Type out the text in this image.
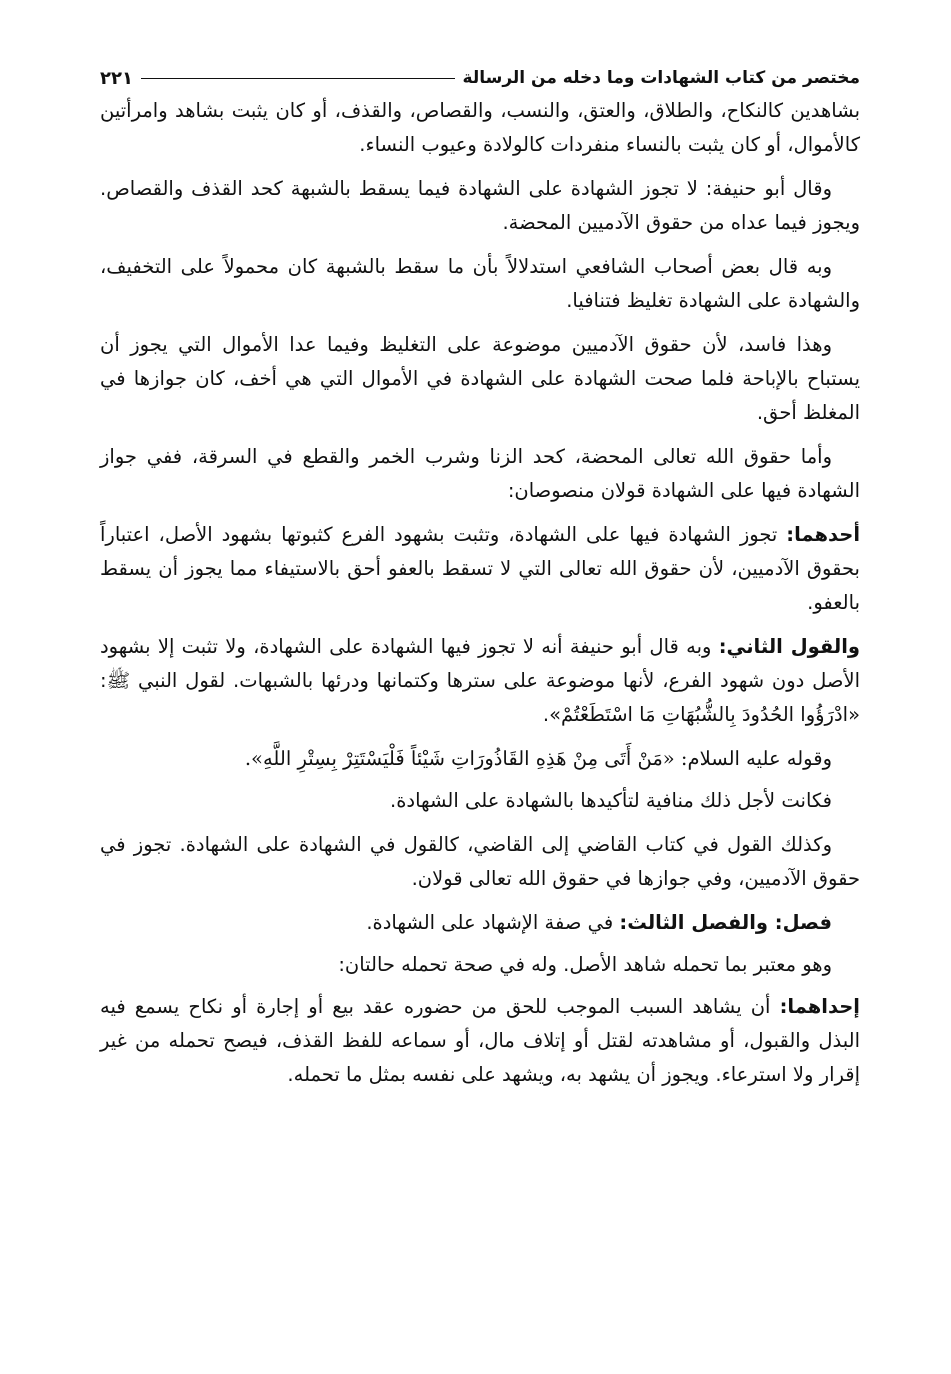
مختصر من كتاب الشهادات وما دخله من الرسالة
٢٢١

بشاهدين كالنكاح، والطلاق، والعتق، والنسب، والقصاص، والقذف، أو كان يثبت بشاهد وامرأتين كالأموال، أو كان يثبت بالنساء منفردات كالولادة وعيوب النساء.

وقال أبو حنيفة: لا تجوز الشهادة على الشهادة فيما يسقط بالشبهة كحد القذف والقصاص. ويجوز فيما عداه من حقوق الآدميين المحضة.

وبه قال بعض أصحاب الشافعي استدلالاً بأن ما سقط بالشبهة كان محمولاً على التخفيف، والشهادة على الشهادة تغليظ فتنافيا.

وهذا فاسد، لأن حقوق الآدميين موضوعة على التغليظ وفيما عدا الأموال التي يجوز أن يستباح بالإباحة فلما صحت الشهادة على الشهادة في الأموال التي هي أخف، كان جوازها في المغلظ أحق.

وأما حقوق الله تعالى المحضة، كحد الزنا وشرب الخمر والقطع في السرقة، ففي جواز الشهادة فيها على الشهادة قولان منصوصان:

أحدهما: تجوز الشهادة فيها على الشهادة، وتثبت بشهود الفرع كثبوتها بشهود الأصل، اعتباراً بحقوق الآدميين، لأن حقوق الله تعالى التي لا تسقط بالعفو أحق بالاستيفاء مما يجوز أن يسقط بالعفو.

والقول الثاني: وبه قال أبو حنيفة أنه لا تجوز فيها الشهادة على الشهادة، ولا تثبت إلا بشهود الأصل دون شهود الفرع، لأنها موضوعة على سترها وكتمانها ودرئها بالشبهات. لقول النبي ﷺ: «ادْرَؤُوا الحُدُودَ بِالشُّبُهَاتِ مَا اسْتَطَعْتُمْ».

وقوله عليه السلام: «مَنْ أَتَى مِنْ هَذِهِ القَاذُورَاتِ شَيْئاً فَلْيَسْتَتِرْ بِسِتْرِ اللَّهِ».

فكانت لأجل ذلك منافية لتأكيدها بالشهادة على الشهادة.

وكذلك القول في كتاب القاضي إلى القاضي، كالقول في الشهادة على الشهادة. تجوز في حقوق الآدميين، وفي جوازها في حقوق الله تعالى قولان.

فصل: والفصل الثالث: في صفة الإشهاد على الشهادة.

وهو معتبر بما تحمله شاهد الأصل. وله في صحة تحمله حالتان:

إحداهما: أن يشاهد السبب الموجب للحق من حضوره عقد بيع أو إجارة أو نكاح يسمع فيه البذل والقبول، أو مشاهدته لقتل أو إتلاف مال، أو سماعه للفظ القذف، فيصح تحمله من غير إقرار ولا استرعاء. ويجوز أن يشهد به، ويشهد على نفسه بمثل ما تحمله.
